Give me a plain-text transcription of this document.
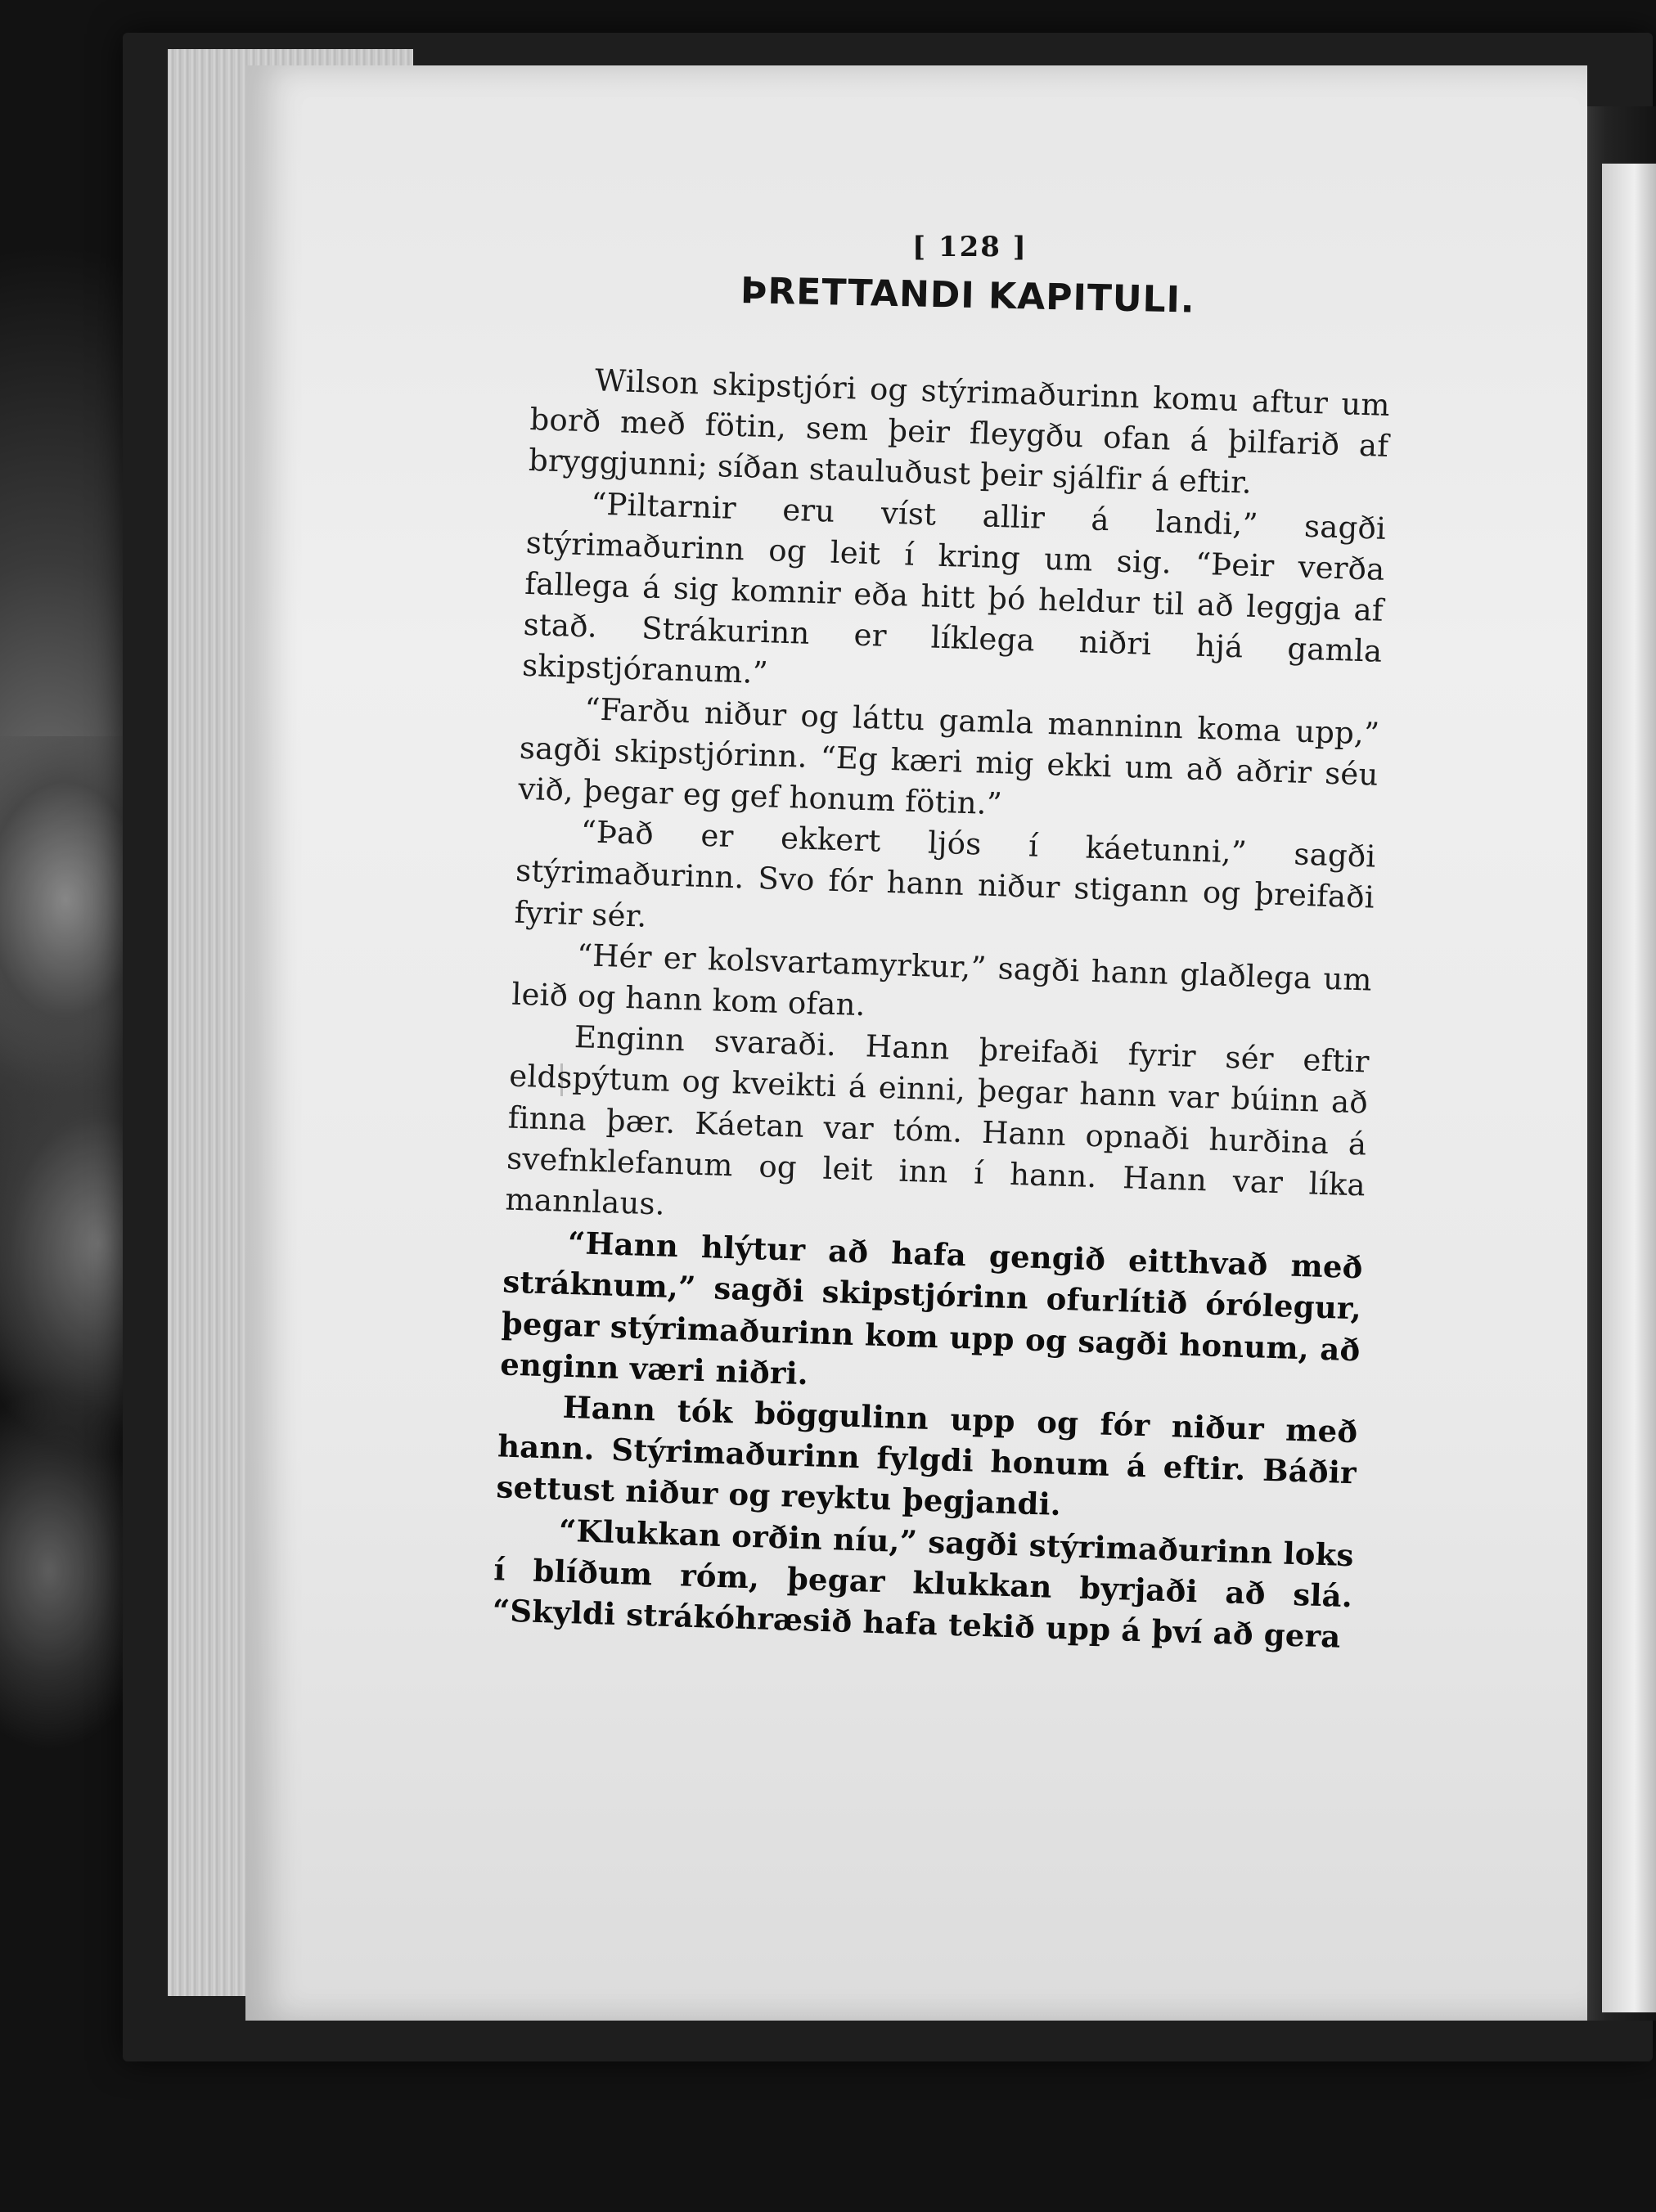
[ 128 ]
ÞRETTANDI KAPITULI.

Wilson skipstjóri og stýrimaðurinn komu aftur um borð með fötin, sem þeir fleygðu ofan á þilfarið af bryggjunni; síðan stauluðust þeir sjálfir á eftir.

“Piltarnir eru víst allir á landi,” sagði stýrimaðurinn og leit í kring um sig. “Þeir verða fallega á sig komnir eða hitt þó heldur til að leggja af stað. Strákurinn er líklega niðri hjá gamla skipstjóranum.”

“Farðu niður og láttu gamla manninn koma upp,” sagði skipstjórinn. “Eg kæri mig ekki um að aðrir séu við, þegar eg gef honum fötin.”

“Það er ekkert ljós í káetunni,” sagði stýrimaðurinn. Svo fór hann niður stigann og þreifaði fyrir sér.

“Hér er kolsvartamyrkur,” sagði hann glaðlega um leið og hann kom ofan.

Enginn svaraði. Hann þreifaði fyrir sér eftir eldspýtum og kveikti á einni, þegar hann var búinn að finna þær. Káetan var tóm. Hann opnaði hurðina á svefnklefanum og leit inn í hann. Hann var líka mannlaus.

“Hann hlýtur að hafa gengið eitthvað með stráknum,” sagði skipstjórinn ofurlítið órólegur, þegar stýrimaðurinn kom upp og sagði honum, að enginn væri niðri.

Hann tók böggulinn upp og fór niður með hann. Stýrimaðurinn fylgdi honum á eftir. Báðir settust niður og reyktu þegjandi.

“Klukkan orðin níu,” sagði stýrimaðurinn loks í blíðum róm, þegar klukkan byrjaði að slá. “Skyldi strákóhræsið hafa tekið upp á því að gera
